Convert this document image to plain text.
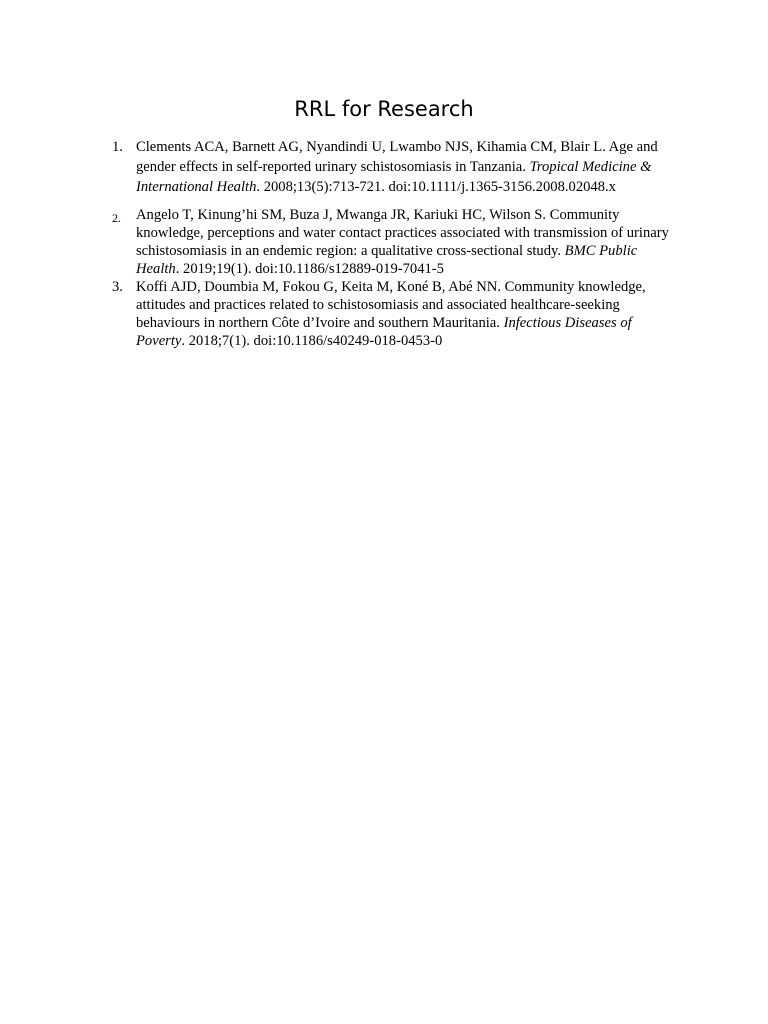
RRL for Research
1. Clements ACA, Barnett AG, Nyandindi U, Lwambo NJS, Kihamia CM, Blair L. Age and gender effects in self-reported urinary schistosomiasis in Tanzania. Tropical Medicine & International Health. 2008;13(5):713-721. doi:10.1111/j.1365-3156.2008.02048.x
2. Angelo T, Kinung’hi SM, Buza J, Mwanga JR, Kariuki HC, Wilson S. Community knowledge, perceptions and water contact practices associated with transmission of urinary schistosomiasis in an endemic region: a qualitative cross-sectional study. BMC Public Health. 2019;19(1). doi:10.1186/s12889-019-7041-5
3. Koffi AJD, Doumbia M, Fokou G, Keita M, Koné B, Abé NN. Community knowledge, attitudes and practices related to schistosomiasis and associated healthcare-seeking behaviours in northern Côte d’Ivoire and southern Mauritania. Infectious Diseases of Poverty. 2018;7(1). doi:10.1186/s40249-018-0453-0
